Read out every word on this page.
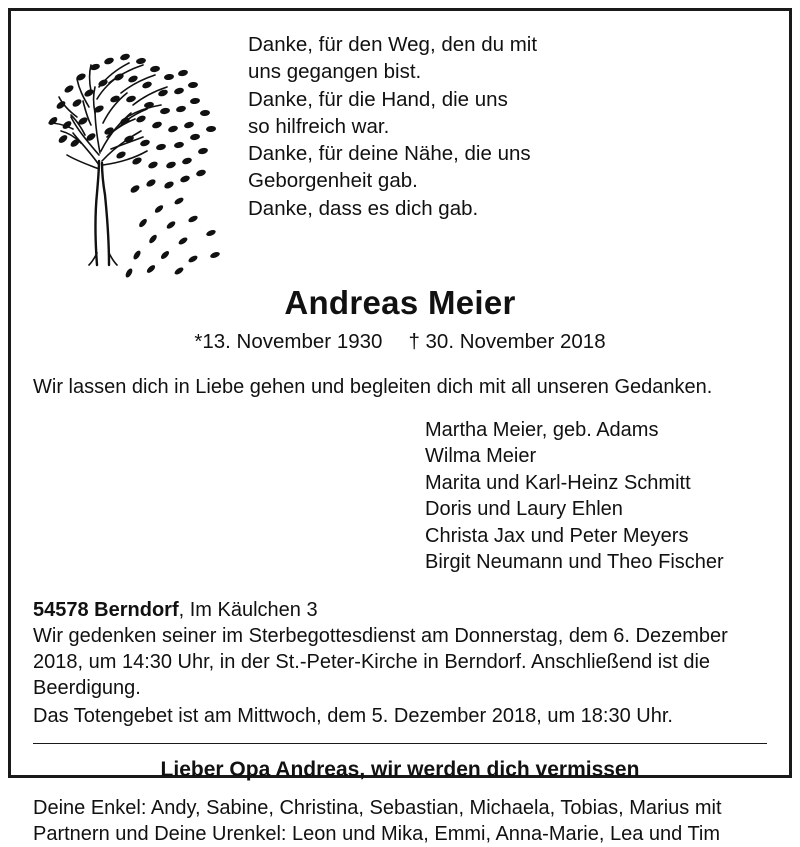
Danke, für den Weg, den du mit
uns gegangen bist.
Danke, für die Hand, die uns
so hilfreich war.
Danke, für deine Nähe, die uns
Geborgenheit gab.
Danke, dass es dich gab.
Andreas Meier
*13. November 1930 † 30. November 2018
Wir lassen dich in Liebe gehen und begleiten dich mit all unseren Gedanken.
Martha Meier, geb. Adams
Wilma Meier
Marita und Karl-Heinz Schmitt
Doris und Laury Ehlen
Christa Jax und Peter Meyers
Birgit Neumann und Theo Fischer

54578 Berndorf, Im Käulchen 3

Wir gedenken seiner im Sterbegottesdienst am Donnerstag, dem 6. Dezember 2018, um 14:30 Uhr, in der St.-Peter-Kirche in Berndorf. Anschließend ist die Beerdigung.

Das Totengebet ist am Mittwoch, dem 5. Dezember 2018, um 18:30 Uhr.

Lieber Opa Andreas, wir werden dich vermissen

Deine Enkel: Andy, Sabine, Christina, Sebastian, Michaela, Tobias, Marius mit

Partnern und Deine Urenkel: Leon und Mika, Emmi, Anna-Marie, Lea und Tim
